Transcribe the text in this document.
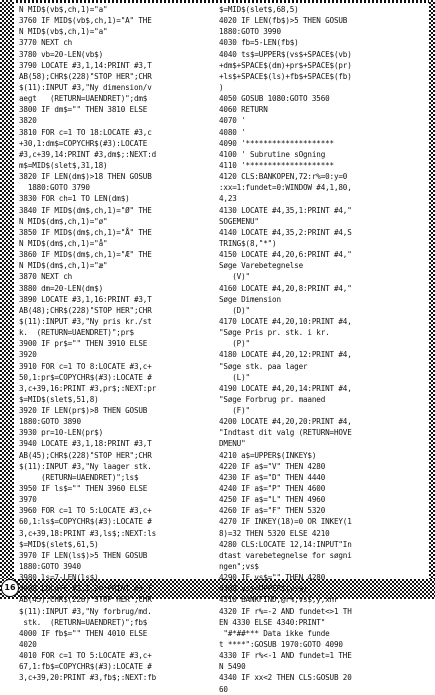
N MID$(vb$,ch,1)="a"
3760 IF MID$(vb$,ch,1)="A" THE
N MID$(vb$,ch,1)="a"
3770 NEXT ch
3780 vb=20-LEN(vb$)
3790 LOCATE #3,1,14:PRINT #3,T
AB(58);CHR$(228)"STOP HER";CHR
$(11):INPUT #3,"Ny dimension/v
aegt   (RETURN=UAENDRET)";dm$
3800 IF dm$="" THEN 3810 ELSE
3820
3810 FOR c=1 TO 18:LOCATE #3,c
+30,1:dm$=COPYCHR$(#3):LOCATE
#3,c+39,14:PRINT #3,dm$;:NEXT:d
m$=MID$(slet$,31,18)
3820 IF LEN(dm$)>18 THEN GOSUB
1880:GOTO 3790
3830 FOR ch=1 TO LEN(dm$)
3840 IF MID$(dm$,ch,1)="Ø" THE
N MID$(dm$,ch,1)="ø"
3850 IF MID$(dm$,ch,1)="Å" THE
N MID$(dm$,ch,1)="å"
3860 IF MID$(dm$,ch,1)="Æ" THE
N MID$(dm$,ch,1)="æ"
3870 NEXT ch
3880 dm=20-LEN(dm$)
3890 LOCATE #3,1,16:PRINT #3,T
AB(48);CHR$(228)"STOP HER";CHR
$(11):INPUT #3,"Ny pris kr./st
k.  (RETURN=UAENDRET)";pr$
3900 IF pr$="" THEN 3910 ELSE
3920
3910 FOR c=1 TO 8:LOCATE #3,c+
50,1:pr$=COPYCHR$(#3):LOCATE #
3,c+39,16:PRINT #3,pr$;:NEXT:pr
$=MID$(slet$,51,8)
3920 IF LEN(pr$)>8 THEN GOSUB
1880:GOTO 3890
3930 pr=10-LEN(pr$)
3940 LOCATE #3,1,18:PRINT #3,T
AB(45);CHR$(228)"STOP HER";CHR
$(11):INPUT #3,"Ny laager stk.
(RETURN=UAENDRET)";ls$
3950 IF ls$="" THEN 3960 ELSE
3970
3960 FOR c=1 TO 5:LOCATE #3,c+
60,1:ls$=COPYCHR$(#3):LOCATE #
3,c+39,18:PRINT #3,ls$;:NEXT:ls
$=MID$(slet$,61,5)
3970 IF LEN(ls$)>5 THEN GOSUB
1880:GOTO 3940
3980 ls=7-LEN(ls$)
3990 LOCATE #3,1,20:PRINT #3,T
AB(45);CHR$(228)"STOP HER";CHR
$(11):INPUT #3,"Ny forbrug/md.
stk.  (RETURN=UAENDRET)";fb$
4000 IF fb$="" THEN 4010 ELSE
4020
4010 FOR c=1 TO 5:LOCATE #3,c+
67,1:fb$=COPYCHR$(#3):LOCATE #
3,c+39,20:PRINT #3,fb$;:NEXT:fb
$=MID$(slet$,68,5)
4020 IF LEN(fb$)>5 THEN GOSUB
1880:GOTO 3990
4030 fb=5-LEN(fb$)
4040 ts$=UPPER$(vs$+SPACE$(vb)
+dm$+SPACE$(dm)+pr$+SPACE$(pr)
+ls$+SPACE$(ls)+fb$+SPACE$(fb)
)
4050 GOSUB 1080:GOTO 3560
4060 RETURN
4070 '
4080 '
4090 '********************
4100 ' Subrutine sOgning
4110 '********************
4120 CLS:BANKOPEN,72:r%=0:y=0
:xx=1:fundet=0:WINDOW #4,1,80,
4,23
4130 LOCATE #4,35,1:PRINT #4,"
SOGEMENU"
4140 LOCATE #4,35,2:PRINT #4,S
TRING$(8,"*")
4150 LOCATE #4,20,6:PRINT #4,"
Søge Varebetegnelse
(V)"
4160 LOCATE #4,20,8:PRINT #4,"
Søge Dimension
(D)"
4170 LOCATE #4,20,10:PRINT #4,
"Søge Pris pr. stk. i kr.
(P)"
4180 LOCATE #4,20,12:PRINT #4,
"Søge stk. paa lager
(L)"
4190 LOCATE #4,20,14:PRINT #4,
"Søge Forbrug pr. maaned
(F)"
4200 LOCATE #4,20,20:PRINT #4,
"Indtast dit valg (RETURN=HOVE
DMENU"
4210 a$=UPPER$(INKEY$)
4220 IF a$="V" THEN 4280
4230 IF a$="D" THEN 4440
4240 IF a$="P" THEN 4600
4250 IF a$="L" THEN 4960
4260 IF a$="F" THEN 5320
4270 IF INKEY(18)=0 OR INKEY(1
8)=32 THEN 5320 ELSE 4210
4280 CLS:LOCATE 12,14:INPUT"In
dtast varebetegnelse for søgni
ngen";vs$
4290 IF vs$="" THEN 4280
4300 vs$=UPPER$(vs$)
4310 BANKFIND,@r%,vs$,y,xnr
4320 IF r%=-2 AND fundet<>1 TH
EN 4330 ELSE 4340:PRINT"
"#*##*** Data ikke funde
t ****":GOSUB 1970:GOTO 4090
4330 IF r%<-1 AND fundet=1 THE
N 5490
4340 IF xx<2 THEN CLS:GOSUB 20
60
16
